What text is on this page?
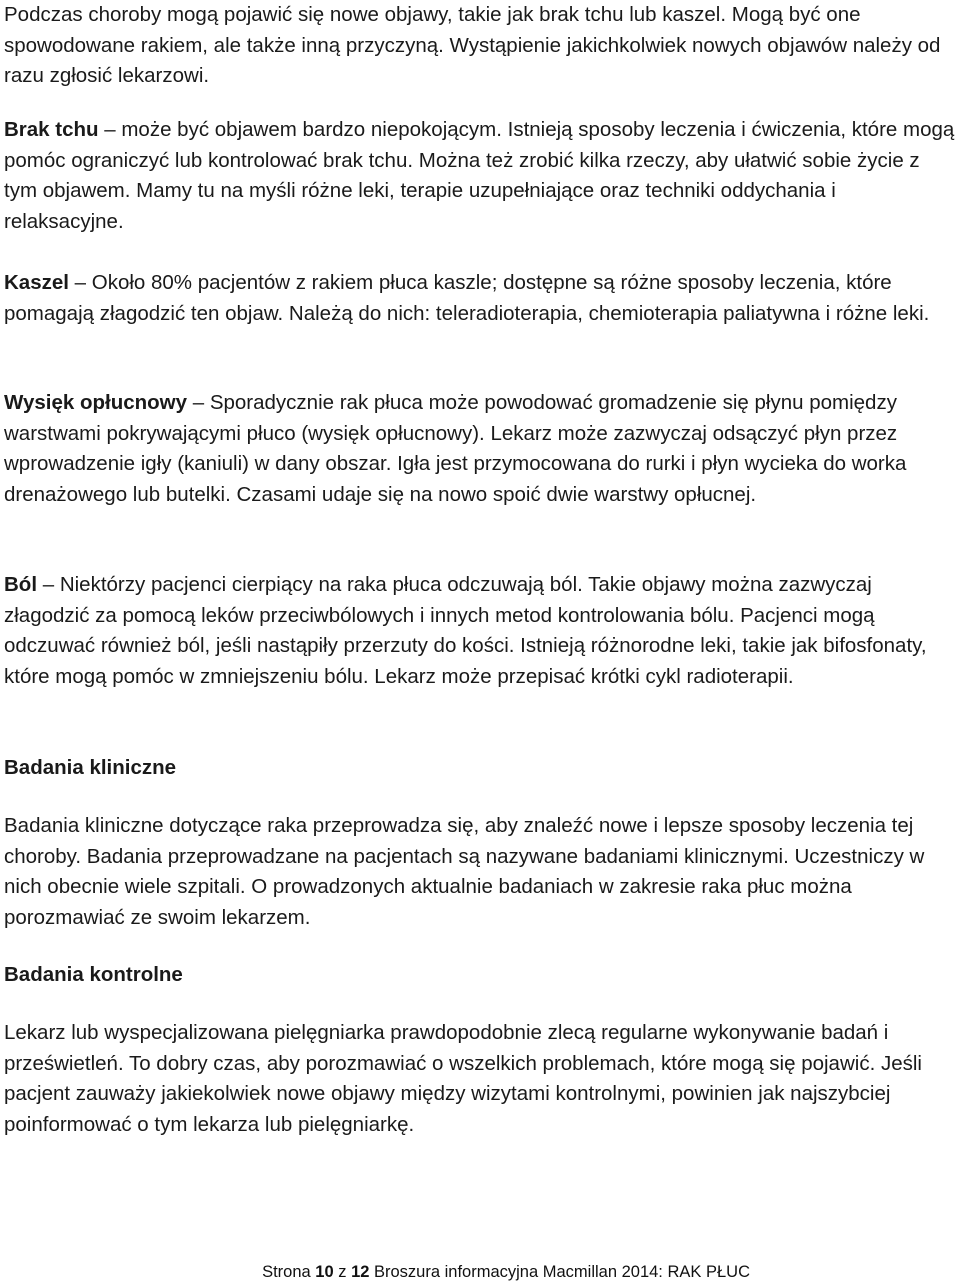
Podczas choroby mogą pojawić się nowe objawy, takie jak brak tchu lub kaszel. Mogą być one spowodowane rakiem, ale także inną przyczyną. Wystąpienie jakichkolwiek nowych objawów należy od razu zgłosić lekarzowi.

Brak tchu – może być objawem bardzo niepokojącym. Istnieją sposoby leczenia i ćwiczenia, które mogą pomóc ograniczyć lub kontrolować brak tchu. Można też zrobić kilka rzeczy, aby ułatwić sobie życie z tym objawem. Mamy tu na myśli różne leki, terapie uzupełniające oraz techniki oddychania i relaksacyjne.

Kaszel – Około 80% pacjentów z rakiem płuca kaszle; dostępne są różne sposoby leczenia, które pomagają złagodzić ten objaw. Należą do nich: teleradioterapia, chemioterapia paliatywna i różne leki.

Wysięk opłucnowy – Sporadycznie rak płuca może powodować gromadzenie się płynu pomiędzy warstwami pokrywającymi płuco (wysięk opłucnowy). Lekarz może zazwyczaj odsączyć płyn przez wprowadzenie igły (kaniuli) w dany obszar. Igła jest przymocowana do rurki i płyn wycieka do worka drenażowego lub butelki. Czasami udaje się na nowo spoić dwie warstwy opłucnej.

Ból – Niektórzy pacjenci cierpiący na raka płuca odczuwają ból. Takie objawy można zazwyczaj złagodzić za pomocą leków przeciwbólowych i innych metod kontrolowania bólu. Pacjenci mogą odczuwać również ból, jeśli nastąpiły przerzuty do kości. Istnieją różnorodne leki, takie jak bifosfonaty, które mogą pomóc w zmniejszeniu bólu. Lekarz może przepisać krótki cykl radioterapii.

Badania kliniczne

Badania kliniczne dotyczące raka przeprowadza się, aby znaleźć nowe i lepsze sposoby leczenia tej choroby. Badania przeprowadzane na pacjentach są nazywane badaniami klinicznymi. Uczestniczy w nich obecnie wiele szpitali. O prowadzonych aktualnie badaniach w zakresie raka płuc można porozmawiać ze swoim lekarzem.

Badania kontrolne

Lekarz lub wyspecjalizowana pielęgniarka prawdopodobnie zlecą regularne wykonywanie badań i prześwietleń. To dobry czas, aby porozmawiać o wszelkich problemach, które mogą się pojawić. Jeśli pacjent zauważy jakiekolwiek nowe objawy między wizytami kontrolnymi, powinien jak najszybciej poinformować o tym lekarza lub pielęgniarkę.

Strona 10 z 12 Broszura informacyjna Macmillan 2014: RAK PŁUC
